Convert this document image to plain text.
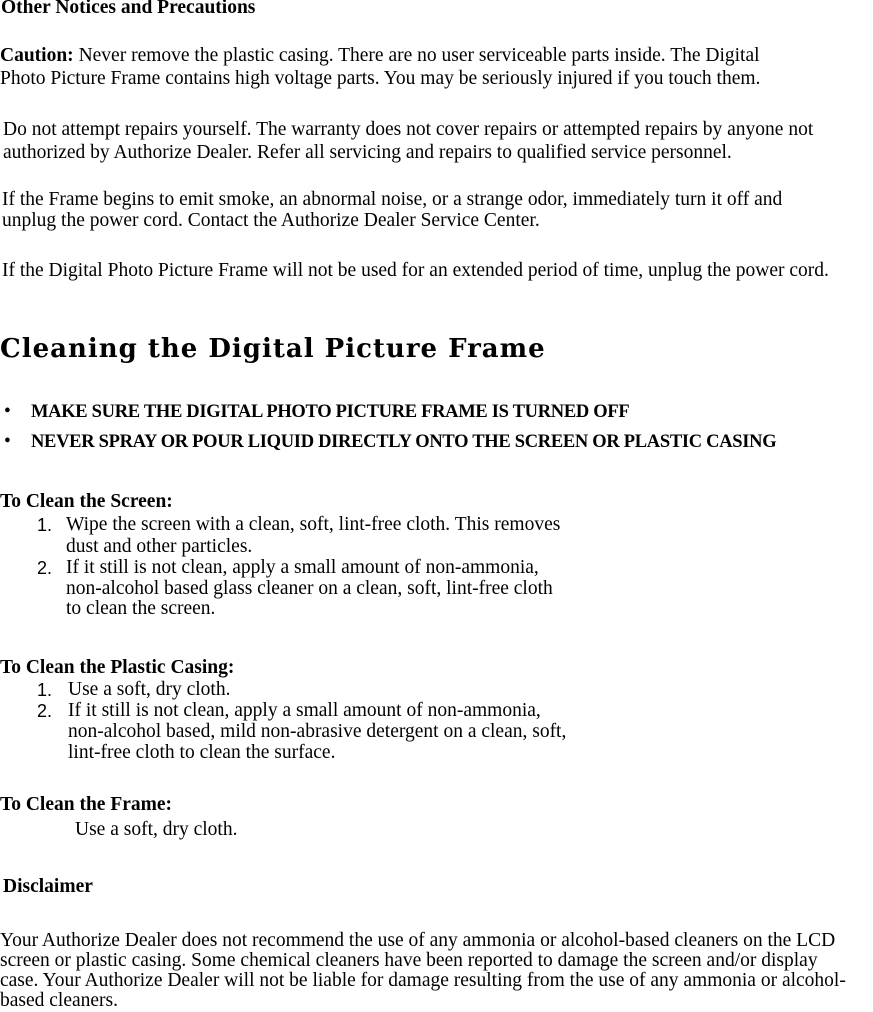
Other Notices and Precautions
Caution: Never remove the plastic casing. There are no user serviceable parts inside. The Digital
Photo Picture Frame contains high voltage parts. You may be seriously injured if you touch them.
Do not attempt repairs yourself. The warranty does not cover repairs or attempted repairs by anyone not
authorized by Authorize Dealer. Refer all servicing and repairs to qualified service personnel.
If the Frame begins to emit smoke, an abnormal noise, or a strange odor, immediately turn it off and
unplug the power cord. Contact the Authorize Dealer Service Center.
If the Digital Photo Picture Frame will not be used for an extended period of time, unplug the power cord.
Cleaning the Digital Picture Frame
• MAKE SURE THE DIGITAL PHOTO PICTURE FRAME IS TURNED OFF
• NEVER SPRAY OR POUR LIQUID DIRECTLY ONTO THE SCREEN OR PLASTIC CASING
To Clean the Screen:
1. Wipe the screen with a clean, soft, lint-free cloth. This removes
dust and other particles.
2. If it still is not clean, apply a small amount of non-ammonia,
non-alcohol based glass cleaner on a clean, soft, lint-free cloth
to clean the screen.
To Clean the Plastic Casing:
1. Use a soft, dry cloth.
2. If it still is not clean, apply a small amount of non-ammonia,
non-alcohol based, mild non-abrasive detergent on a clean, soft,
lint-free cloth to clean the surface.
To Clean the Frame:
Use a soft, dry cloth.
Disclaimer
Your Authorize Dealer does not recommend the use of any ammonia or alcohol-based cleaners on the LCD
screen or plastic casing. Some chemical cleaners have been reported to damage the screen and/or display
case. Your Authorize Dealer will not be liable for damage resulting from the use of any ammonia or alcohol-
based cleaners.
